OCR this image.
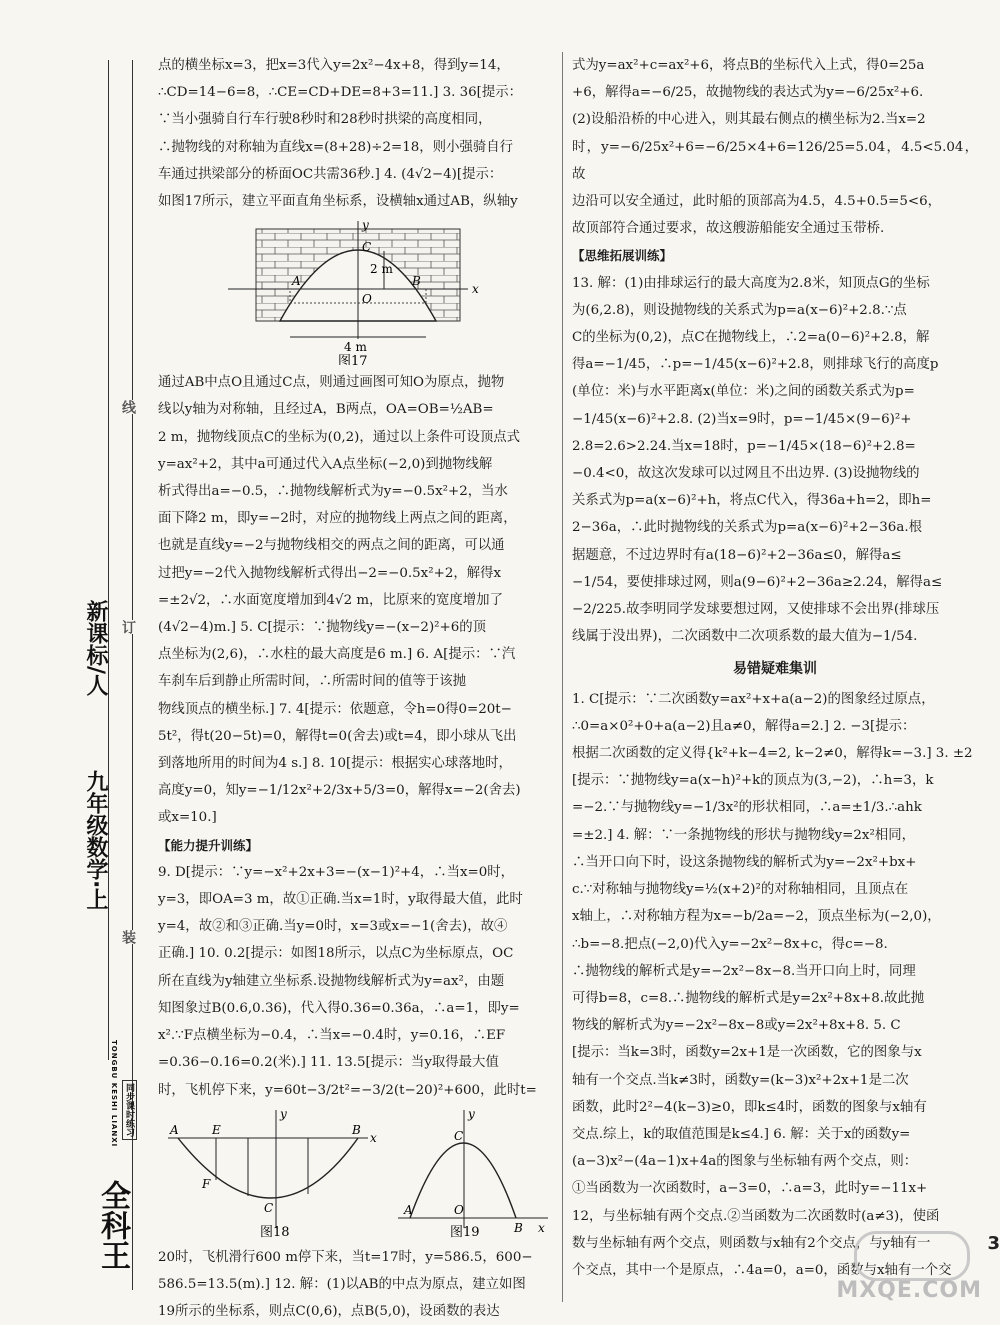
新课标/人
九年级数学·上
线
订
装
全科王
同步课时练习
TONGBU KESHI LIANXI

点的横坐标x=3，把x=3代入y=2x²−4x+8，得到y=14，

∴CD=14−6=8，∴CE=CD+DE=8+3=11.] 3. 36[提示：

∵当小强骑自行车行驶8秒时和28秒时拱梁的高度相同，

∴抛物线的对称轴为直线x=(8+28)÷2=18，则小强骑自行

车通过拱梁部分的桥面OC共需36秒.] 4. (4√2−4)[提示：

如图17所示，建立平面直角坐标系，设横轴x通过AB，纵轴y

y
x
C
A	B
O
2 m
4 m
图17

通过AB中点O且通过C点，则通过画图可知O为原点，抛物

线以y轴为对称轴，且经过A，B两点，OA=OB=½AB=

2 m，抛物线顶点C的坐标为(0,2)，通过以上条件可设顶点式

y=ax²+2，其中a可通过代入A点坐标(−2,0)到抛物线解

析式得出a=−0.5，∴抛物线解析式为y=−0.5x²+2，当水

面下降2 m，即y=−2时，对应的抛物线上两点之间的距离，

也就是直线y=−2与抛物线相交的两点之间的距离，可以通

过把y=−2代入抛物线解析式得出−2=−0.5x²+2，解得x

=±2√2，∴水面宽度增加到4√2 m，比原来的宽度增加了

(4√2−4)m.] 5. C[提示：∵抛物线y=−(x−2)²+6的顶

点坐标为(2,6)，∴水柱的最大高度是6 m.] 6. A[提示：∵汽

车刹车后到静止所需时间，∴所需时间的值等于该抛

物线顶点的横坐标.] 7. 4[提示：依题意，令h=0得0=20t−

5t²，得t(20−5t)=0，解得t=0(舍去)或t=4，即小球从飞出

到落地所用的时间为4 s.] 8. 10[提示：根据实心球落地时，

高度y=0，知y=−1/12x²+2/3x+5/3=0，解得x=−2(舍去)

或x=10.]

【能力提升训练】

9. D[提示：∵y=−x²+2x+3=−(x−1)²+4，∴当x=0时，

y=3，即OA=3 m，故①正确.当x=1时，y取得最大值，此时

y=4，故②和③正确.当y=0时，x=3或x=−1(舍去)，故④

正确.] 10. 0.2[提示：如图18所示，以点C为坐标原点，OC

所在直线为y轴建立坐标系.设抛物线解析式为y=ax²，由题

知图象过B(0.6,0.36)，代入得0.36=0.36a，∴a=1，即y=

x².∵F点横坐标为−0.4，∴当x=−0.4时，y=0.16，∴EF

=0.36−0.16=0.2(米).] 11. 13.5[提示：当y取得最大值

时，飞机停下来，y=60t−3/2t²=−3/2(t−20)²+600，此时t=

y
x
A	E	B
F
C
图18
y
x
C
A	O
B
图19

20时，飞机滑行600 m停下来，当t=17时，y=586.5，600−

586.5=13.5(m).] 12. 解：(1)以AB的中点为原点，建立如图

19所示的坐标系，则点C(0,6)，点B(5,0)，设函数的表达

式为y=ax²+c=ax²+6，将点B的坐标代入上式，得0=25a

+6，解得a=−6/25，故抛物线的表达式为y=−6/25x²+6.

(2)设船沿桥的中心进入，则其最右侧点的横坐标为2.当x=2

时，y=−6/25x²+6=−6/25×4+6=126/25=5.04，4.5<5.04，故

边沿可以安全通过，此时船的顶部高为4.5，4.5+0.5=5<6，

故顶部符合通过要求，故这艘游船能安全通过玉带桥.

【思维拓展训练】

13. 解：(1)由排球运行的最大高度为2.8米，知顶点G的坐标

为(6,2.8)，则设抛物线的关系式为p=a(x−6)²+2.8.∵点

C的坐标为(0,2)，点C在抛物线上，∴2=a(0−6)²+2.8，解

得a=−1/45，∴p=−1/45(x−6)²+2.8，则排球飞行的高度p

(单位：米)与水平距离x(单位：米)之间的函数关系式为p=

−1/45(x−6)²+2.8. (2)当x=9时，p=−1/45×(9−6)²+

2.8=2.6>2.24.当x=18时，p=−1/45×(18−6)²+2.8=

−0.4<0，故这次发球可以过网且不出边界. (3)设抛物线的

关系式为p=a(x−6)²+h，将点C代入，得36a+h=2，即h=

2−36a，∴此时抛物线的关系式为p=a(x−6)²+2−36a.根

据题意，不过边界时有a(18−6)²+2−36a≤0，解得a≤

−1/54，要使排球过网，则a(9−6)²+2−36a≥2.24，解得a≤

−2/225.故李明同学发球要想过网，又使排球不会出界(排球压

线属于没出界)，二次函数中二次项系数的最大值为−1/54.

易错疑难集训

1. C[提示：∵二次函数y=ax²+x+a(a−2)的图象经过原点，

∴0=a×0²+0+a(a−2)且a≠0，解得a=2.] 2. −3[提示：

根据二次函数的定义得{k²+k−4=2, k−2≠0，解得k=−3.] 3. ±2

[提示：∵抛物线y=a(x−h)²+k的顶点为(3,−2)，∴h=3，k

=−2.∵与抛物线y=−1/3x²的形状相同，∴a=±1/3.∴ahk

=±2.] 4. 解：∵一条抛物线的形状与抛物线y=2x²相同，

∴当开口向下时，设这条抛物线的解析式为y=−2x²+bx+

c.∵对称轴与抛物线y=½(x+2)²的对称轴相同，且顶点在

x轴上，∴对称轴方程为x=−b/2a=−2，顶点坐标为(−2,0)，

∴b=−8.把点(−2,0)代入y=−2x²−8x+c，得c=−8.

∴抛物线的解析式是y=−2x²−8x−8.当开口向上时，同理

可得b=8，c=8.∴抛物线的解析式是y=2x²+8x+8.故此抛

物线的解析式为y=−2x²−8x−8或y=2x²+8x+8. 5. C

[提示：当k=3时，函数y=2x+1是一次函数，它的图象与x

轴有一个交点.当k≠3时，函数y=(k−3)x²+2x+1是二次

函数，此时2²−4(k−3)≥0，即k≤4时，函数的图象与x轴有

交点.综上，k的取值范围是k≤4.] 6. 解：关于x的函数y=

(a−3)x²−(4a−1)x+4a的图象与坐标轴有两个交点，则：

①当函数为一次函数时，a−3=0，∴a=3，此时y=−11x+

12，与坐标轴有两个交点.②当函数为二次函数时(a≠3)，使函

数与坐标轴有两个交点，则函数与x轴有2个交点，与y轴有一

个交点，其中一个是原点，∴4a=0，a=0，函数与x轴有一个交

3
MXQE.COM
